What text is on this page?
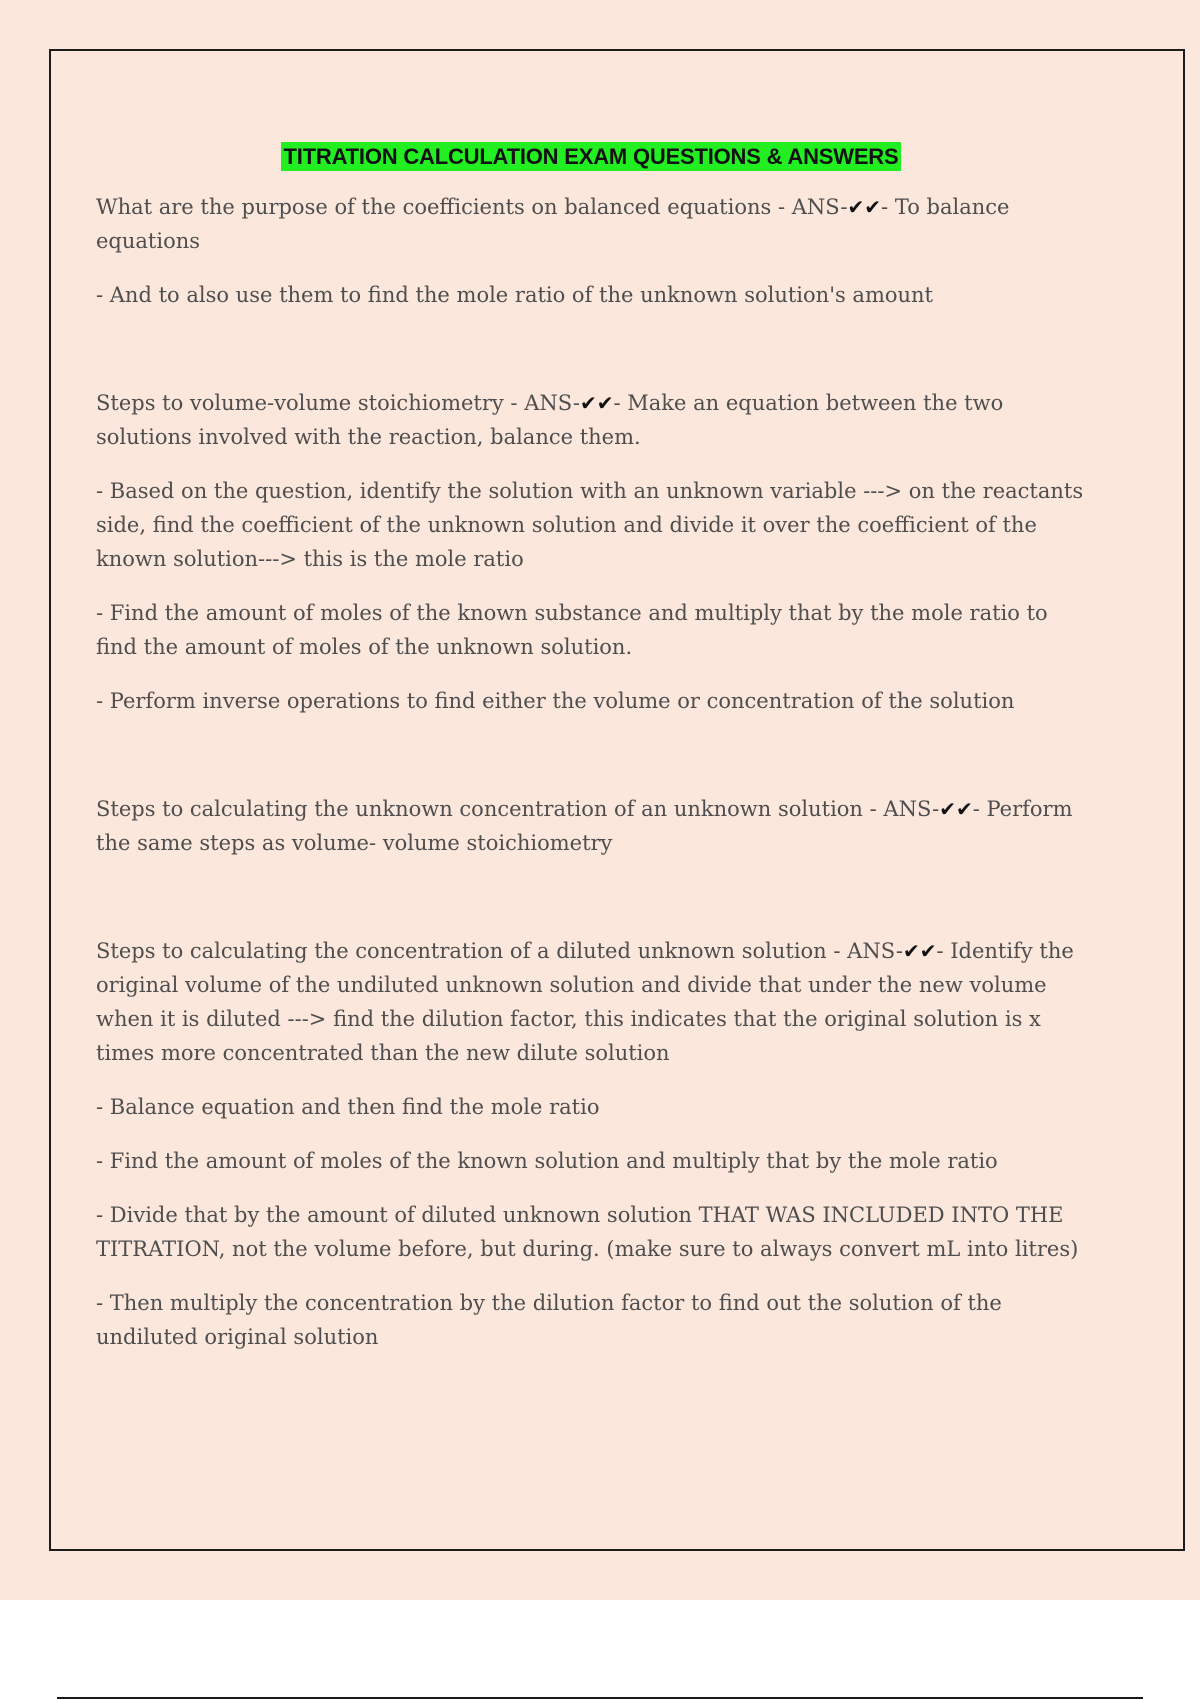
TITRATION CALCULATION EXAM QUESTIONS & ANSWERS

What are the purpose of the coefficients on balanced equations - ANS-✔✔- To balance equations

- And to also use them to find the mole ratio of the unknown solution's amount

Steps to volume-volume stoichiometry - ANS-✔✔- Make an equation between the two solutions involved with the reaction, balance them.

- Based on the question, identify the solution with an unknown variable ---> on the reactants side, find the coefficient of the unknown solution and divide it over the coefficient of the known solution---> this is the mole ratio

- Find the amount of moles of the known substance and multiply that by the mole ratio to find the amount of moles of the unknown solution.

- Perform inverse operations to find either the volume or concentration of the solution

Steps to calculating the unknown concentration of an unknown solution - ANS-✔✔- Perform the same steps as volume- volume stoichiometry

Steps to calculating the concentration of a diluted unknown solution - ANS-✔✔- Identify the original volume of the undiluted unknown solution and divide that under the new volume when it is diluted ---> find the dilution factor, this indicates that the original solution is x times more concentrated than the new dilute solution

- Balance equation and then find the mole ratio

- Find the amount of moles of the known solution and multiply that by the mole ratio

- Divide that by the amount of diluted unknown solution THAT WAS INCLUDED INTO THE TITRATION, not the volume before, but during. (make sure to always convert mL into litres)

- Then multiply the concentration by the dilution factor to find out the solution of the undiluted original solution
